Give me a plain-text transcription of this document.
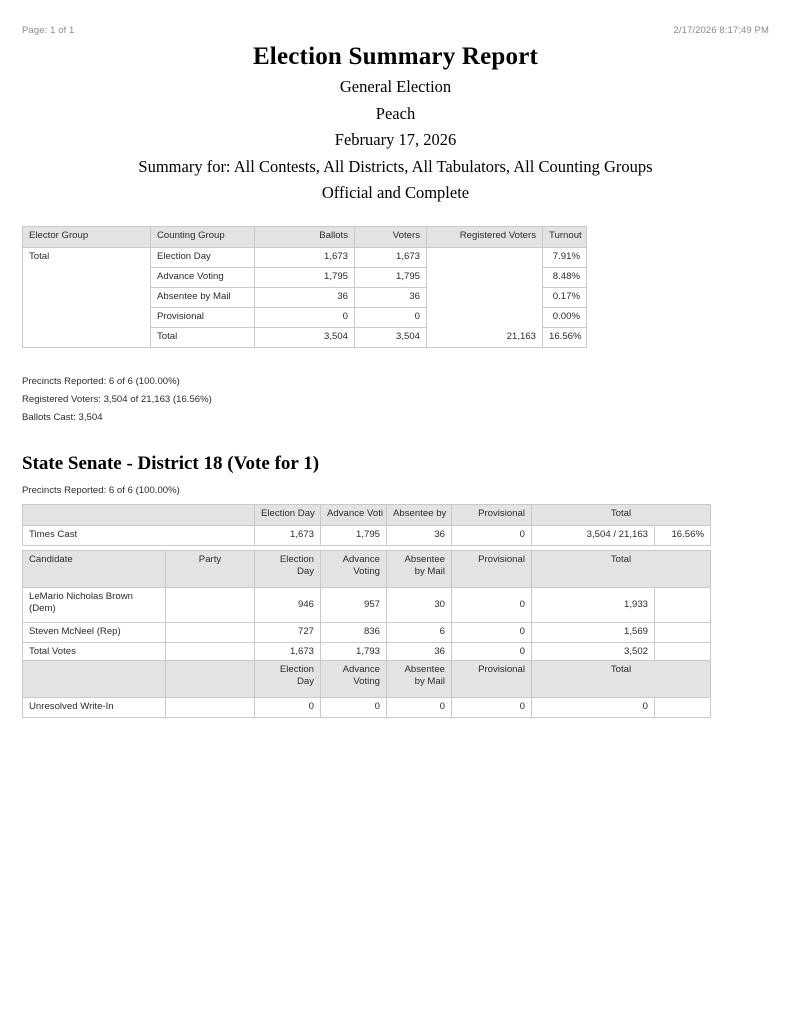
Page: 1 of 1	2/17/2026 8:17:49 PM
Election Summary Report
General Election
Peach
February 17, 2026
Summary for: All Contests, All Districts, All Tabulators, All Counting Groups
Official and Complete
Elector Group	Counting Group	Ballots	Voters	Registered Voters	Turnout
Total	Election Day	1,673	1,673		7.91%
	Advance Voting	1,795	1,795		8.48%
	Absentee by Mail	36	36		0.17%
	Provisional	0	0		0.00%
	Total	3,504	3,504	21,163	16.56%
Precincts Reported: 6 of 6 (100.00%)
Registered Voters: 3,504 of 21,163 (16.56%)
Ballots Cast: 3,504
State Senate - District 18 (Vote for 1)
Precincts Reported: 6 of 6 (100.00%)
	Election Day	Advance Voti	Absentee by	Provisional	Total	
Times Cast	1,673	1,795	36	0	3,504 / 21,163	16.56%
Candidate	Party	Election Day	Advance Voting	Absentee by Mail	Provisional	Total	
LeMario Nicholas Brown (Dem)		946	957	30	0	1,933	
Steven McNeel (Rep)		727	836	6	0	1,569	
Total Votes		1,673	1,793	36	0	3,502	
		Election Day	Advance Voting	Absentee by Mail	Provisional	Total	
Unresolved Write-In		0	0	0	0	0	
